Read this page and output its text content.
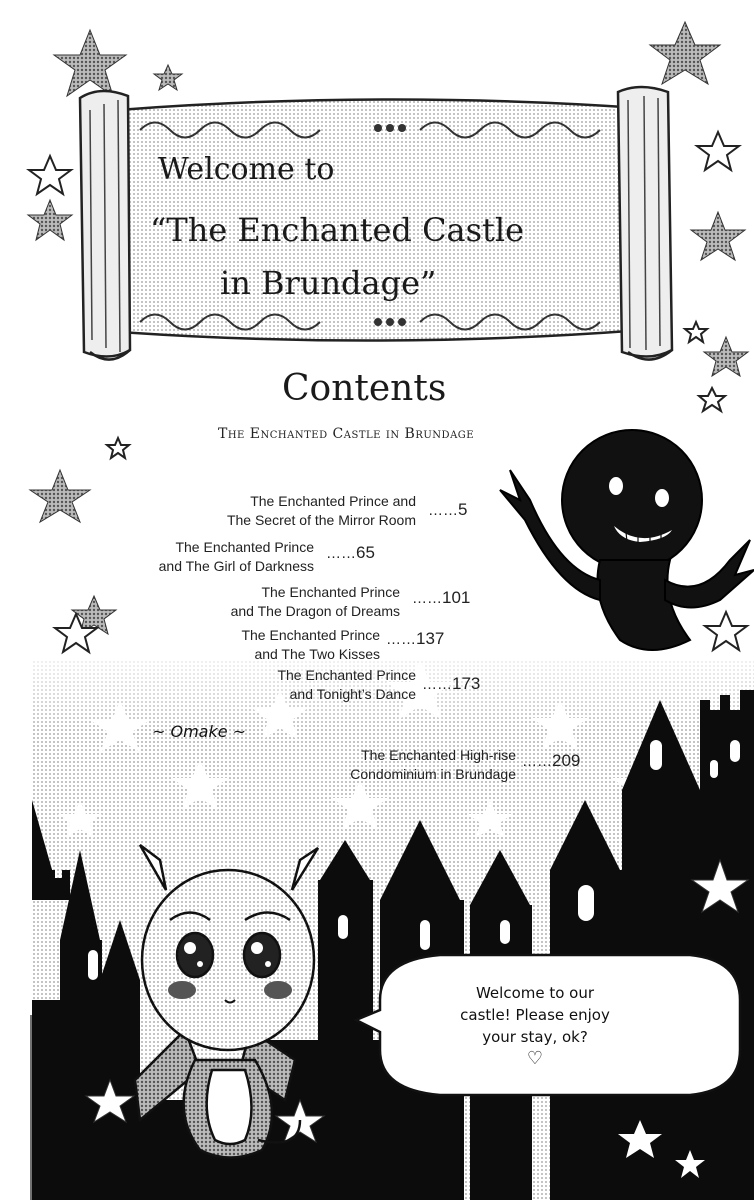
Welcome to
“The Enchanted Castle
in Brundage”
Contents
The Enchanted Castle in Brundage
The Enchanted Prince and
The Secret of the Mirror Room
……5
The Enchanted Prince
and The Girl of Darkness
……65
The Enchanted Prince
and The Dragon of Dreams
……101
The Enchanted Prince
and The Two Kisses
……137
The Enchanted Prince
and Tonight’s Dance
……173
~ Omake ~
The Enchanted High-rise
Condominium in Brundage
……209
Welcome to our
castle! Please enjoy
your stay, ok?
♡
